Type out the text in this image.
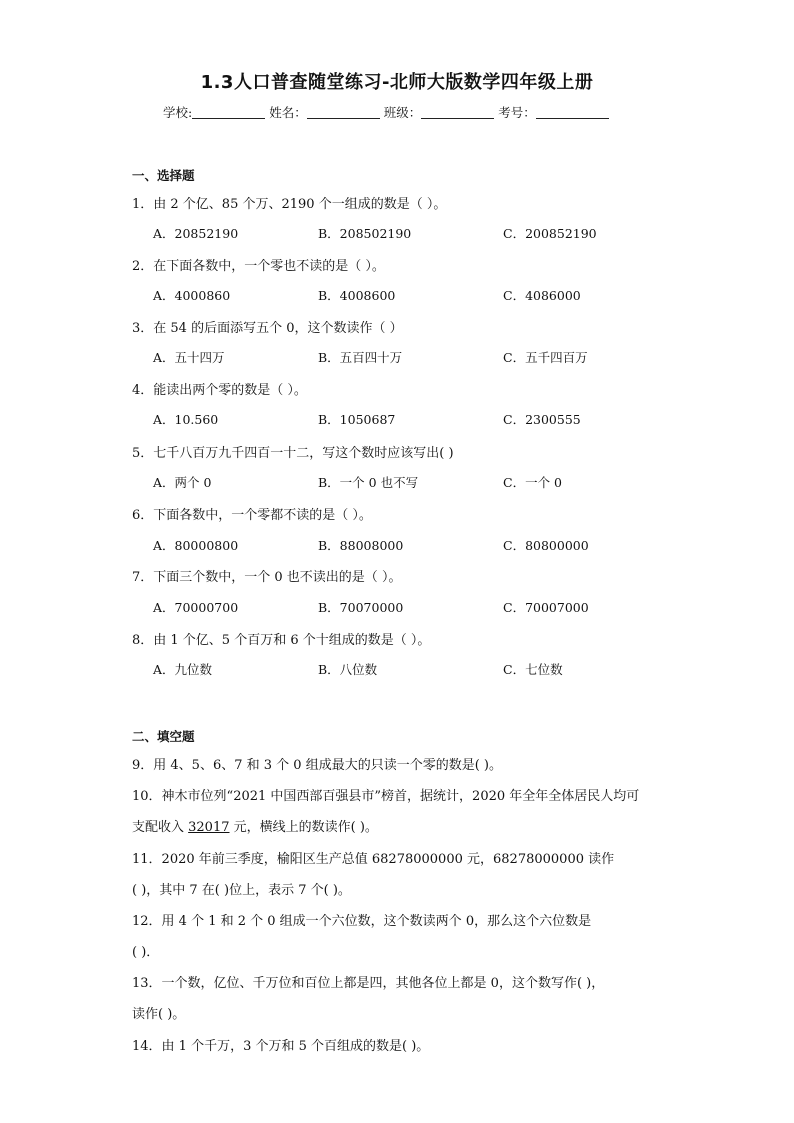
1.3人口普查随堂练习-北师大版数学四年级上册
学校:	姓名：	班级：	考号：
一、选择题
1．由 2 个亿、85 个万、2190 个一组成的数是（ ）。
A．20852190	B．208502190	C．200852190
2．在下面各数中，一个零也不读的是（ ）。
A．4000860	B．4008600	C．4086000
3．在 54 的后面添写五个 0，这个数读作（ ）
A．五十四万	B．五百四十万	C．五千四百万
4．能读出两个零的数是（ ）。
A．10.560	B．1050687	C．2300555
5．七千八百万九千四百一十二，写这个数时应该写出( )
A．两个 0	B．一个 0 也不写	C．一个 0
6．下面各数中，一个零都不读的是（ ）。
A．80000800	B．88008000	C．80800000
7．下面三个数中，一个 0 也不读出的是（ ）。
A．70000700	B．70070000	C．70007000
8．由 1 个亿、5 个百万和 6 个十组成的数是（ ）。
A．九位数	B．八位数	C．七位数
二、填空题
9．用 4、5、6、7 和 3 个 0 组成最大的只读一个零的数是( )。
10．神木市位列“2021 中国西部百强县市”榜首，据统计，2020 年全年全体居民人均可
支配收入 32017 元，横线上的数读作( )。
11．2020 年前三季度，榆阳区生产总值 68278000000 元，68278000000 读作
( )，其中 7 在( )位上，表示 7 个( )。
12．用 4 个 1 和 2 个 0 组成一个六位数，这个数读两个 0，那么这个六位数是
( )．
13．一个数，亿位、千万位和百位上都是四，其他各位上都是 0，这个数写作( )，
读作( )。
14．由 1 个千万，3 个万和 5 个百组成的数是( )。
